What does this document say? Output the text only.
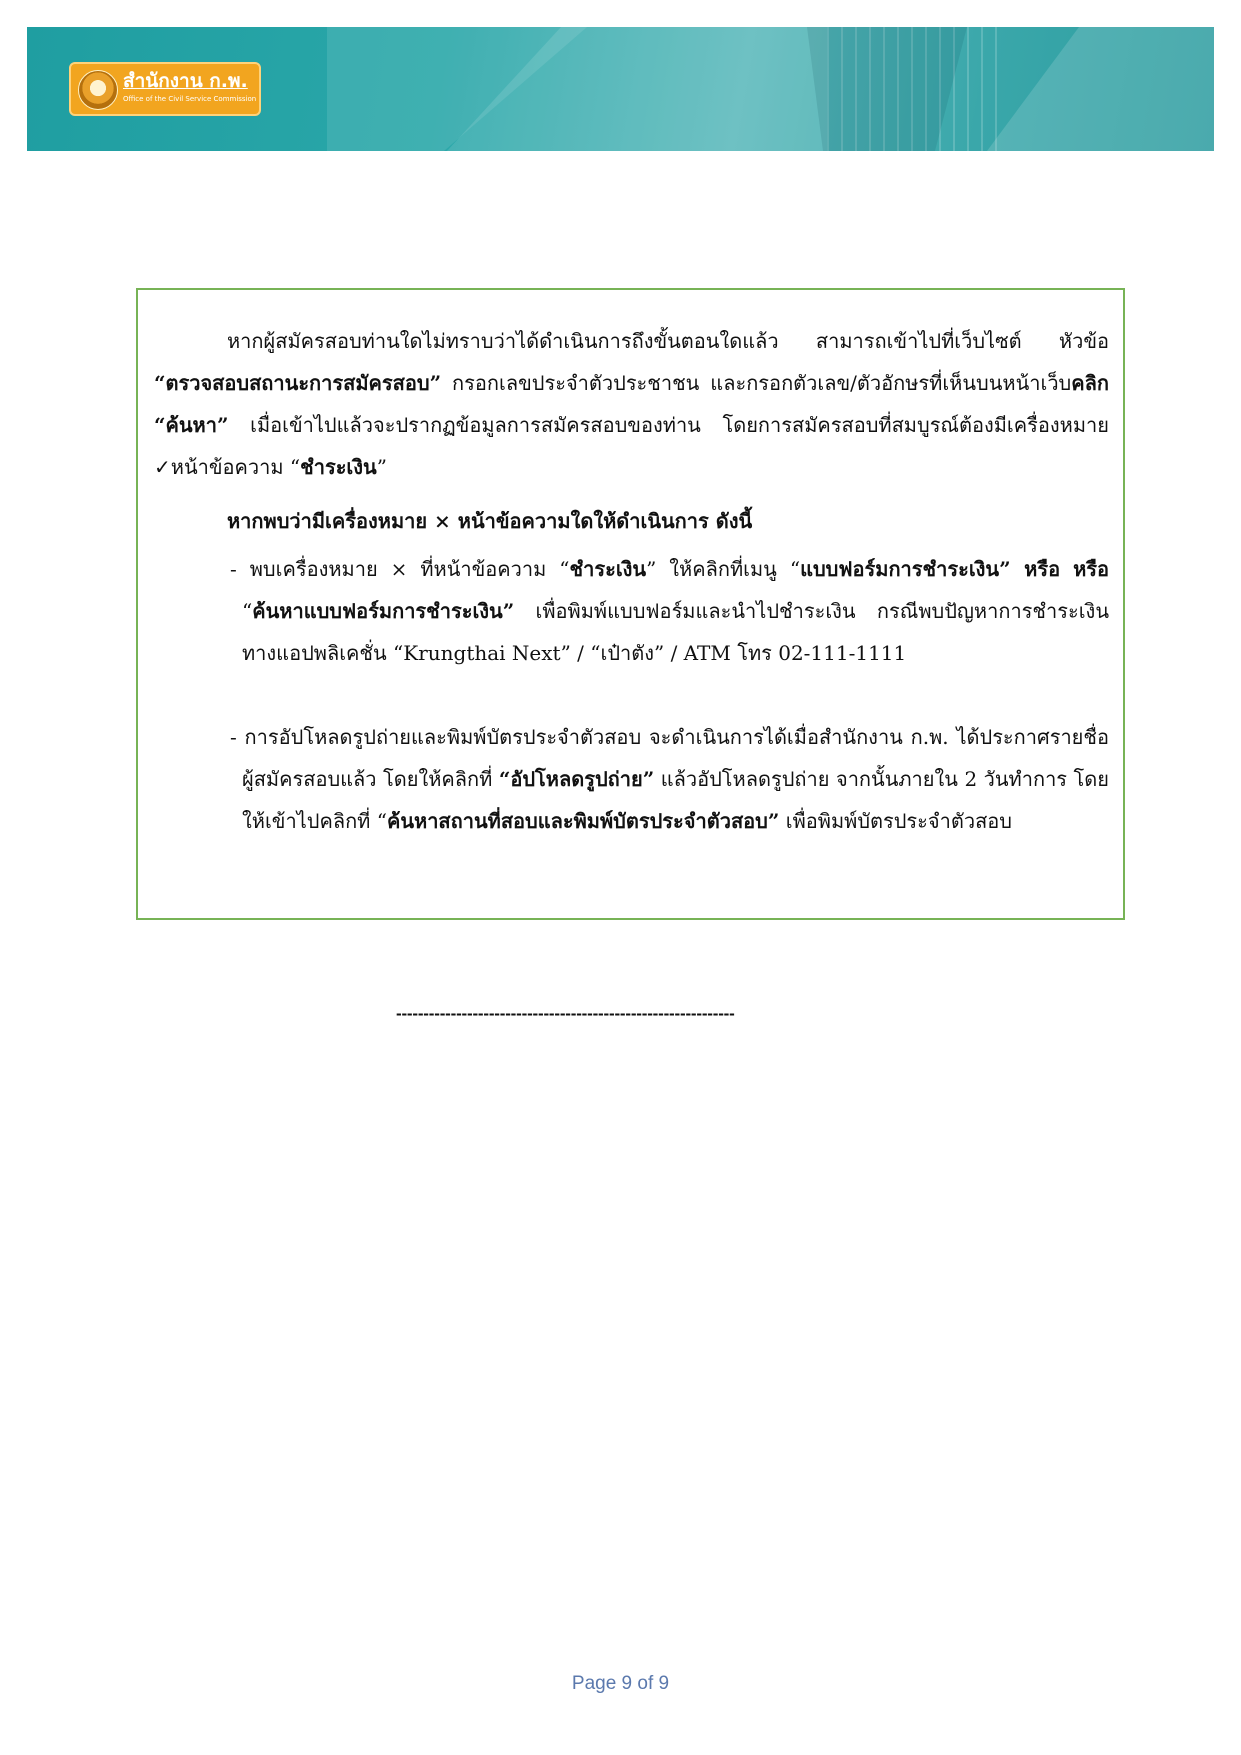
สำนักงาน ก.พ.
Office of the Civil Service Commission

หากผู้สมัครสอบท่านใดไม่ทราบว่าได้ดำเนินการถึงขั้นตอนใดแล้ว สามารถเข้าไปที่เว็บไซต์ หัวข้อ “ตรวจสอบสถานะการสมัครสอบ” กรอกเลขประจำตัวประชาชน และกรอกตัวเลข/ตัวอักษรที่เห็นบนหน้าเว็บคลิก “ค้นหา” เมื่อเข้าไปแล้วจะปรากฏข้อมูลการสมัครสอบของท่าน โดยการสมัครสอบที่สมบูรณ์ต้องมีเครื่องหมาย ✓หน้าข้อความ “ชำระเงิน”

หากพบว่ามีเครื่องหมาย × หน้าข้อความใดให้ดำเนินการ ดังนี้

- พบเครื่องหมาย × ที่หน้าข้อความ “ชำระเงิน” ให้คลิกที่เมนู “แบบฟอร์มการชำระเงิน” หรือ หรือ “ค้นหาแบบฟอร์มการชำระเงิน” เพื่อพิมพ์แบบฟอร์มและนำไปชำระเงิน กรณีพบปัญหาการชำระเงินทางแอปพลิเคชั่น “Krungthai Next” / “เป๋าตัง” / ATM โทร 02-111-1111

- การอัปโหลดรูปถ่ายและพิมพ์บัตรประจำตัวสอบ จะดำเนินการได้เมื่อสำนักงาน ก.พ. ได้ประกาศรายชื่อผู้สมัครสอบแล้ว โดยให้คลิกที่ “อัปโหลดรูปถ่าย” แล้วอัปโหลดรูปถ่าย จากนั้นภายใน 2 วันทำการ โดยให้เข้าไปคลิกที่ “ค้นหาสถานที่สอบและพิมพ์บัตรประจำตัวสอบ” เพื่อพิมพ์บัตรประจำตัวสอบ

--------------------------------------------------------------
Page 9 of 9
